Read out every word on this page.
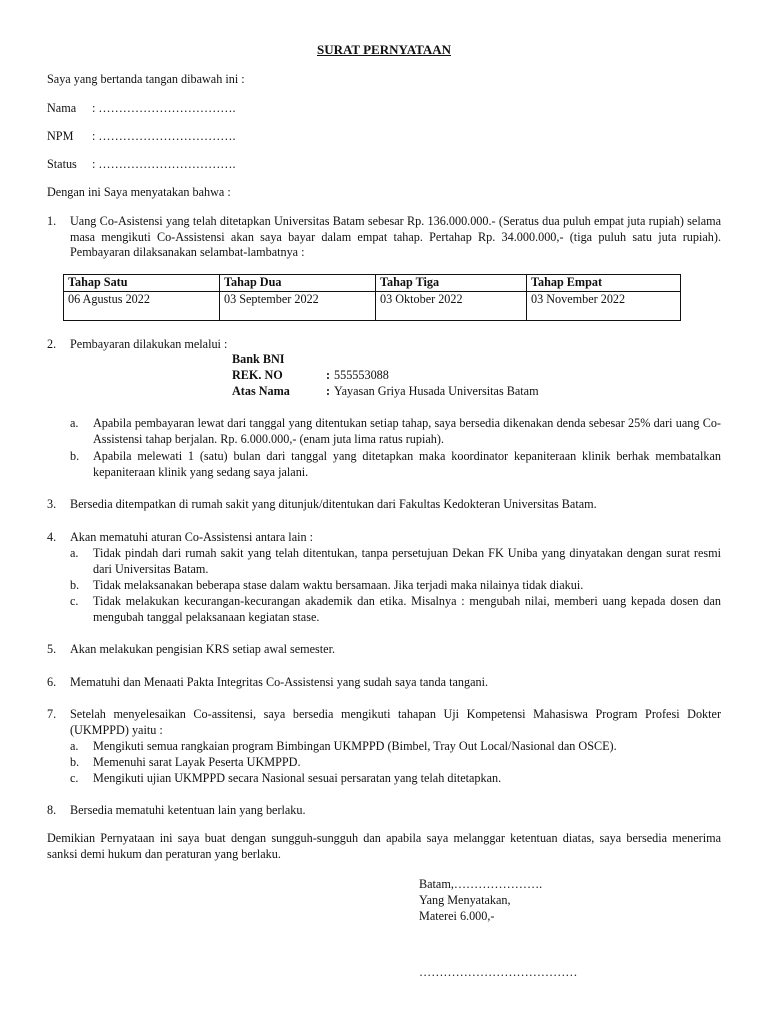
SURAT PERNYATAAN
Saya yang bertanda tangan dibawah ini :
Nama : …………………………….
NPM : …………………………….
Status : …………………………….
Dengan ini Saya menyatakan bahwa :
1. Uang Co-Asistensi yang telah ditetapkan Universitas Batam sebesar Rp. 136.000.000.- (Seratus dua puluh empat juta rupiah) selama masa mengikuti Co-Assistensi akan saya bayar dalam empat tahap. Pertahap Rp. 34.000.000,- (tiga puluh satu juta rupiah). Pembayaran dilaksanakan selambat-lambatnya :
Tahap Satu	Tahap Dua	Tahap Tiga	Tahap Empat
06 Agustus 2022	03 September 2022	03 Oktober 2022	03 November 2022
2. Pembayaran dilakukan melalui :
Bank BNI
REK. NO	: 555553088
Atas Nama	: Yayasan Griya Husada Universitas Batam
a. Apabila pembayaran lewat dari tanggal yang ditentukan setiap tahap, saya bersedia dikenakan denda sebesar 25% dari uang Co-Assistensi tahap berjalan. Rp. 6.000.000,- (enam juta lima ratus rupiah).
b. Apabila melewati 1 (satu) bulan dari tanggal yang ditetapkan maka koordinator kepaniteraan klinik berhak membatalkan kepaniteraan klinik yang sedang saya jalani.
3. Bersedia ditempatkan di rumah sakit yang ditunjuk/ditentukan dari Fakultas Kedokteran Universitas Batam.
4. Akan mematuhi aturan Co-Assistensi antara lain :
a. Tidak pindah dari rumah sakit yang telah ditentukan, tanpa persetujuan Dekan FK Uniba yang dinyatakan dengan surat resmi dari Universitas Batam.
b. Tidak melaksanakan beberapa stase dalam waktu bersamaan. Jika terjadi maka nilainya tidak diakui.
c. Tidak melakukan kecurangan-kecurangan akademik dan etika. Misalnya : mengubah nilai, memberi uang kepada dosen dan mengubah tanggal pelaksanaan kegiatan stase.
5. Akan melakukan pengisian KRS setiap awal semester.
6. Mematuhi dan Menaati Pakta Integritas Co-Assistensi yang sudah saya tanda tangani.
7. Setelah menyelesaikan Co-assitensi, saya bersedia mengikuti tahapan Uji Kompetensi Mahasiswa Program Profesi Dokter (UKMPPD) yaitu :
a. Mengikuti semua rangkaian program Bimbingan UKMPPD (Bimbel, Tray Out Local/Nasional dan OSCE).
b. Memenuhi sarat Layak Peserta UKMPPD.
c. Mengikuti ujian UKMPPD secara Nasional sesuai persaratan yang telah ditetapkan.
8. Bersedia mematuhi ketentuan lain yang berlaku.
Demikian Pernyataan ini saya buat dengan sungguh-sungguh dan apabila saya melanggar ketentuan diatas, saya bersedia menerima sanksi demi hukum dan peraturan yang berlaku.
Batam,………………….
Yang Menyatakan,
Materei 6.000,-
…………………………………
